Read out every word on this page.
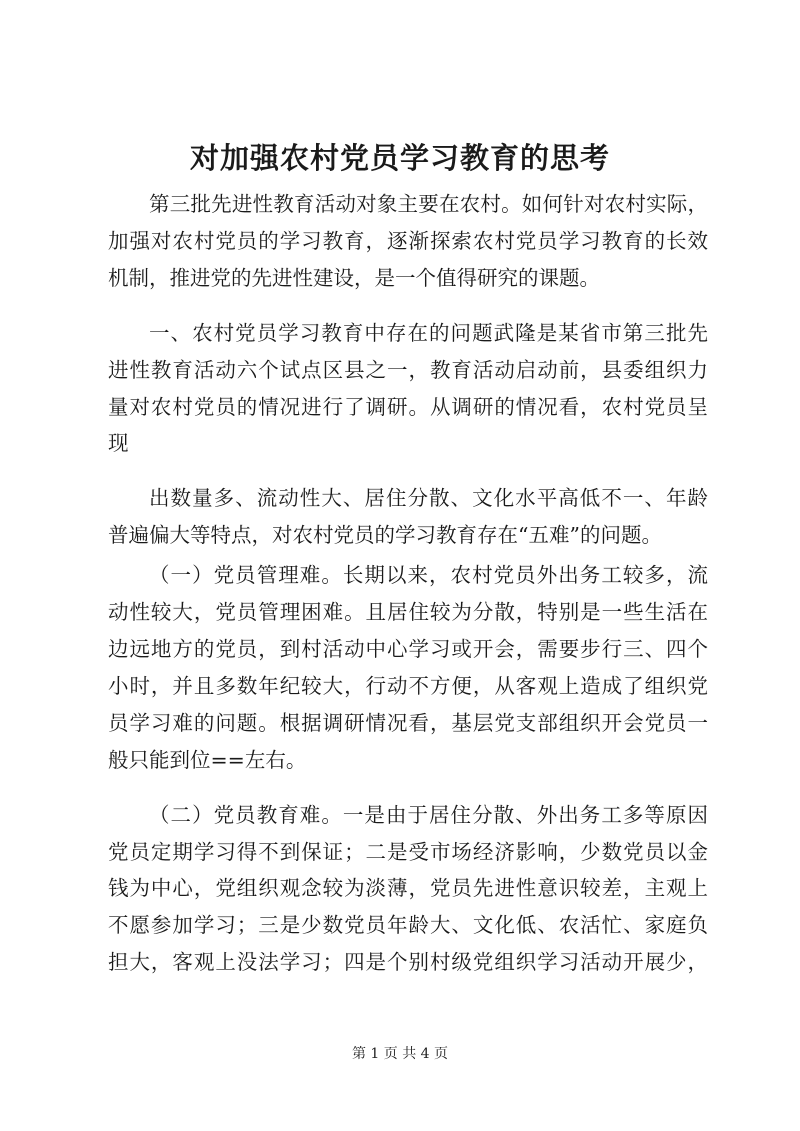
对加强农村党员学习教育的思考

第三批先进性教育活动对象主要在农村。如何针对农村实际，
加强对农村党员的学习教育，逐渐探索农村党员学习教育的长效
机制，推进党的先进性建设，是一个值得研究的课题。

一、农村党员学习教育中存在的问题武隆是某省市第三批先
进性教育活动六个试点区县之一，教育活动启动前，县委组织力
量对农村党员的情况进行了调研。从调研的情况看，农村党员呈
现

出数量多、流动性大、居住分散、文化水平高低不一、年龄
普遍偏大等特点，对农村党员的学习教育存在“五难”的问题。

（一）党员管理难。长期以来，农村党员外出务工较多，流
动性较大，党员管理困难。且居住较为分散，特别是一些生活在
边远地方的党员，到村活动中心学习或开会，需要步行三、四个
小时，并且多数年纪较大，行动不方便，从客观上造成了组织党
员学习难的问题。根据调研情况看，基层党支部组织开会党员一
般只能到位==左右。

（二）党员教育难。一是由于居住分散、外出务工多等原因
党员定期学习得不到保证；二是受市场经济影响，少数党员以金
钱为中心，党组织观念较为淡薄，党员先进性意识较差，主观上
不愿参加学习；三是少数党员年龄大、文化低、农活忙、家庭负
担大，客观上没法学习；四是个别村级党组织学习活动开展少，

第 1 页 共 4 页
